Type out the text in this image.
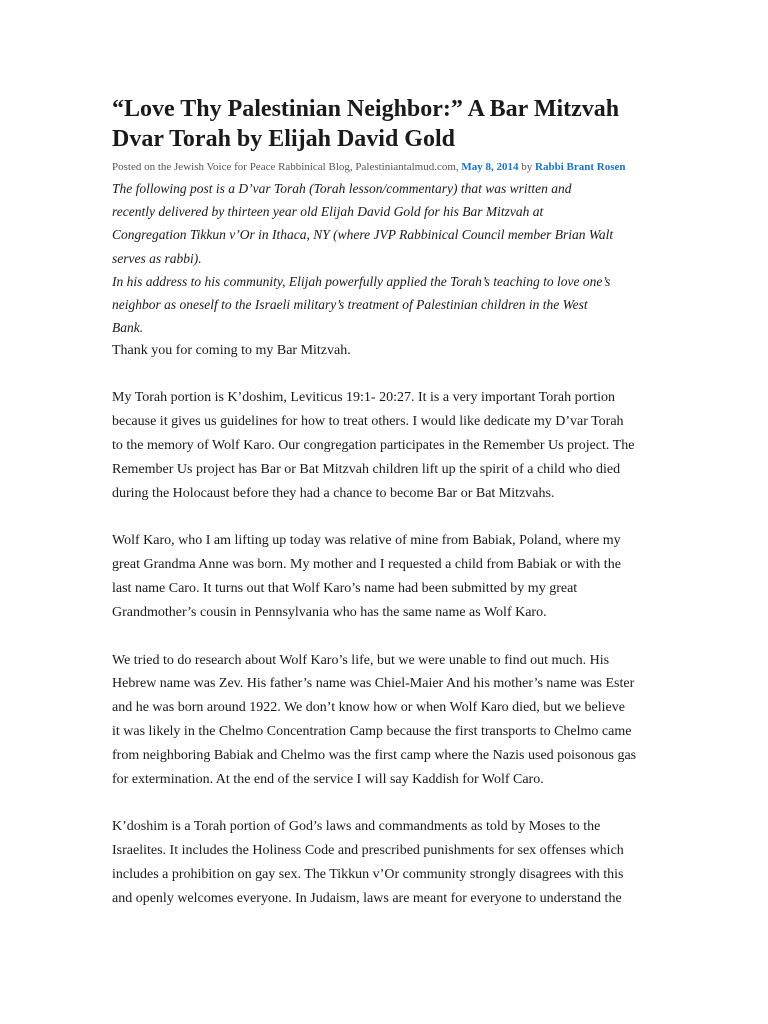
“Love Thy Palestinian Neighbor:” A Bar Mitzvah
Dvar Torah by Elijah David Gold
Posted on the Jewish Voice for Peace Rabbinical Blog, Palestiniantalmud.com, May 8, 2014 by Rabbi Brant Rosen
The following post is a D’var Torah (Torah lesson/commentary) that was written and
recently delivered by thirteen year old Elijah David Gold for his Bar Mitzvah at
Congregation Tikkun v’Or in Ithaca, NY (where JVP Rabbinical Council member Brian Walt
serves as rabbi).
In his address to his community, Elijah powerfully applied the Torah’s teaching to love one’s
neighbor as oneself to the Israeli military’s treatment of Palestinian children in the West
Bank.

Thank you for coming to my Bar Mitzvah.

My Torah portion is K’doshim, Leviticus 19:1- 20:27. It is a very important Torah portion
because it gives us guidelines for how to treat others. I would like dedicate my D’var Torah
to the memory of Wolf Karo. Our congregation participates in the Remember Us project. The
Remember Us project has Bar or Bat Mitzvah children lift up the spirit of a child who died
during the Holocaust before they had a chance to become Bar or Bat Mitzvahs.

Wolf Karo, who I am lifting up today was relative of mine from Babiak, Poland, where my
great Grandma Anne was born. My mother and I requested a child from Babiak or with the
last name Caro. It turns out that Wolf Karo’s name had been submitted by my great
Grandmother’s cousin in Pennsylvania who has the same name as Wolf Karo.

We tried to do research about Wolf Karo’s life, but we were unable to find out much. His
Hebrew name was Zev. His father’s name was Chiel-Maier And his mother’s name was Ester
and he was born around 1922. We don’t know how or when Wolf Karo died, but we believe
it was likely in the Chelmo Concentration Camp because the first transports to Chelmo came
from neighboring Babiak and Chelmo was the first camp where the Nazis used poisonous gas
for extermination. At the end of the service I will say Kaddish for Wolf Caro.

K’doshim is a Torah portion of God’s laws and commandments as told by Moses to the
Israelites. It includes the Holiness Code and prescribed punishments for sex offenses which
includes a prohibition on gay sex. The Tikkun v’Or community strongly disagrees with this
and openly welcomes everyone. In Judaism, laws are meant for everyone to understand the
